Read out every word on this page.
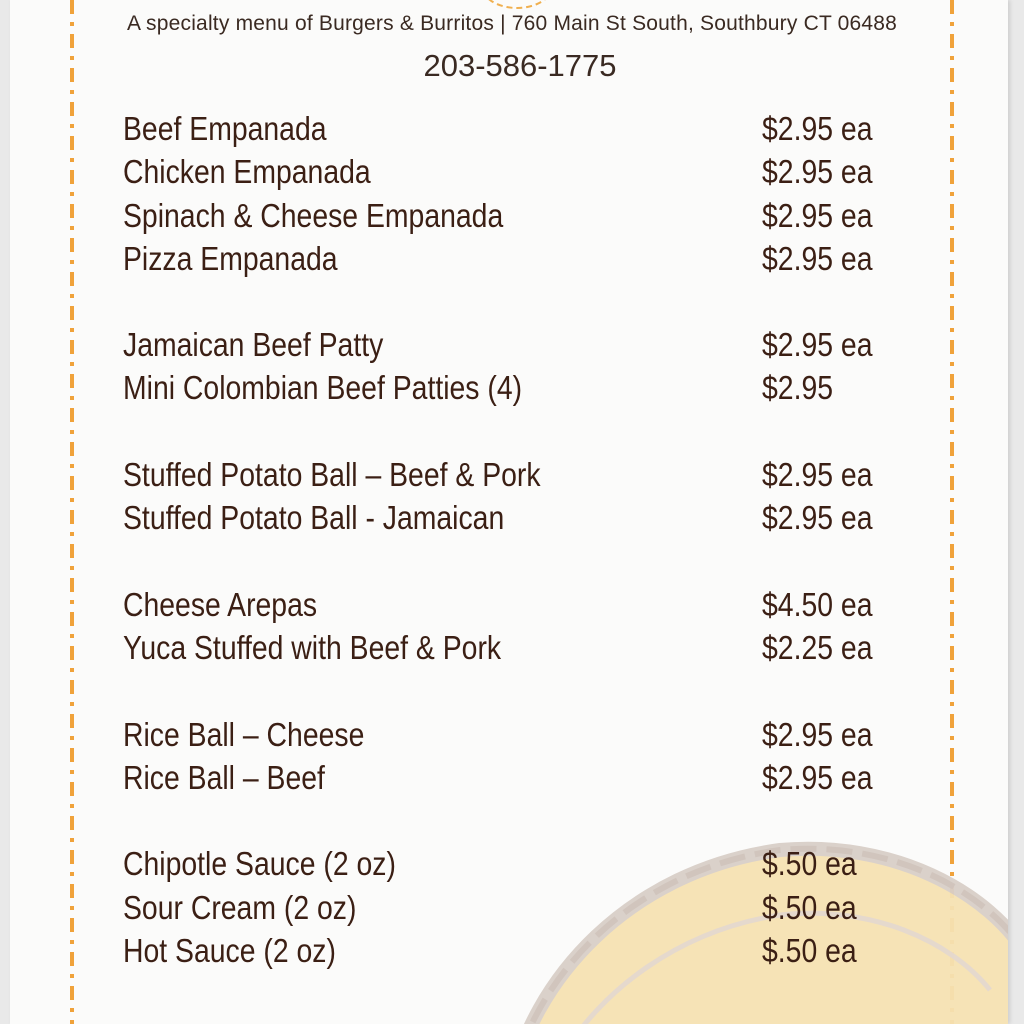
A specialty menu of Burgers & Burritos | 760 Main St South, Southbury CT 06488
203-586-1775
Beef Empanada	$2.95 ea
Chicken Empanada	$2.95 ea
Spinach & Cheese Empanada	$2.95 ea
Pizza Empanada	$2.95 ea
Jamaican Beef Patty	$2.95 ea
Mini Colombian Beef Patties (4)	$2.95
Stuffed Potato Ball – Beef & Pork	$2.95 ea
Stuffed Potato Ball - Jamaican	$2.95 ea
Cheese Arepas	$4.50 ea
Yuca Stuffed with Beef & Pork	$2.25 ea
Rice Ball – Cheese	$2.95 ea
Rice Ball – Beef	$2.95 ea
Chipotle Sauce (2 oz)	$.50 ea
Sour Cream (2 oz)	$.50 ea
Hot Sauce (2 oz)	$.50 ea
